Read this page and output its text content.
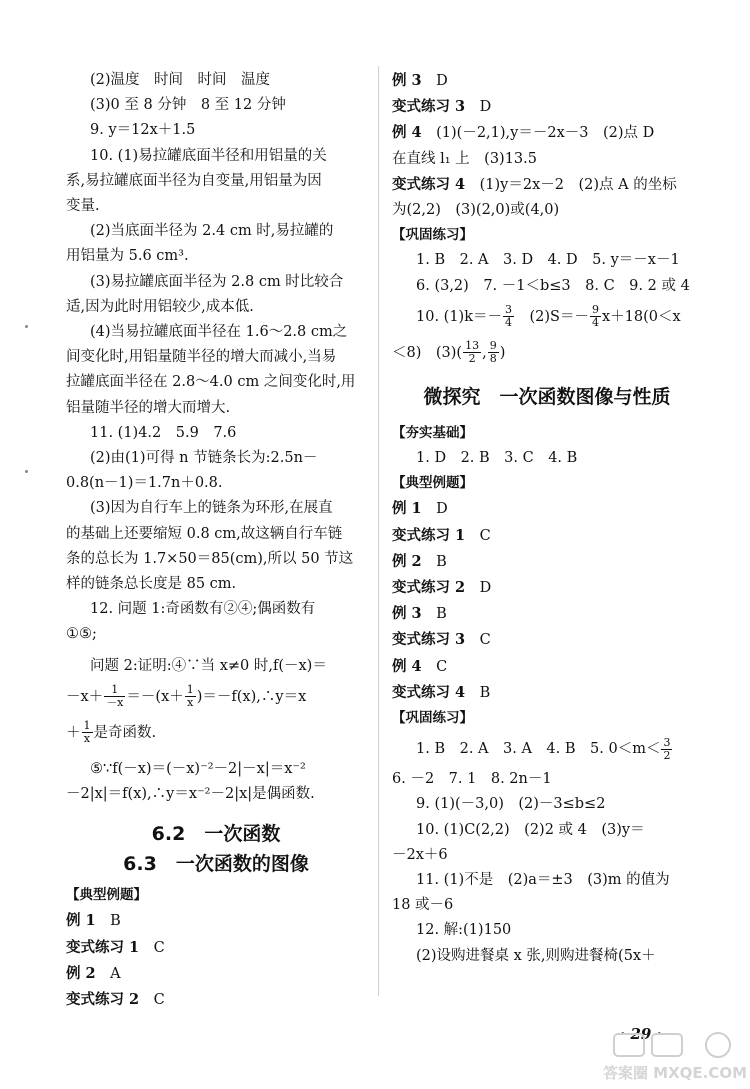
(2)温度　时间　时间　温度
(3)0 至 8 分钟　8 至 12 分钟
9. y＝12x＋1.5
10. (1)易拉罐底面半径和用铝量的关
系,易拉罐底面半径为自变量,用铝量为因
变量.
(2)当底面半径为 2.4 cm 时,易拉罐的
用铝量为 5.6 cm³.
(3)易拉罐底面半径为 2.8 cm 时比较合
适,因为此时用铝较少,成本低.
(4)当易拉罐底面半径在 1.6～2.8 cm之
间变化时,用铝量随半径的增大而减小,当易
拉罐底面半径在 2.8～4.0 cm 之间变化时,用
铝量随半径的增大而增大.
11. (1)4.2　5.9　7.6
(2)由(1)可得 n 节链条长为:2.5n－
0.8(n－1)＝1.7n＋0.8.
(3)因为自行车上的链条为环形,在展直
的基础上还要缩短 0.8 cm,故这辆自行车链
条的总长为 1.7×50＝85(cm),所以 50 节这
样的链条总长度是 85 cm.
12. 问题 1:奇函数有②④;偶函数有
①⑤;
问题 2:证明:④∵当 x≠0 时,f(－x)＝
$-x+ \frac{1}{-x} =-(x+ \frac{1}{x}$ )＝－f(x),∴y＝x
＋ $\frac{1}{x}$ 是奇函数.
⑤∵f(－x)＝(－x)⁻²－2|－x|＝x⁻²
－2|x|＝f(x),∴y＝x⁻²－2|x|是偶函数.
6.2　一次函数
6.3　一次函数的图像
【典型例题】
例 1　 B
变式练习 1　 C
例 2　 A
变式练习 2　 C
例 3　 D
变式练习 3　 D
例 4　 (1)(－2,1),y＝－2x－3　(2)点 D
在直线 l₁ 上　(3)13.5
变式练习 4　 (1)y＝2x－2　(2)点 A 的坐标
为(2,2)　(3)(2,0)或(4,0)
【巩固练习】
1. B　2. A　3. D　4. D　5. y＝－x－1
6. (3,2)　7. －1＜b≤3　8. C　9. 2 或 4
10. $(1)k=- \frac{3}{4}$
　 $(2)S=- \frac{9}{4} x+18(0<x$
＜8)　$(3)( \frac{13}{2}$ , $\frac{9}{8}$ )
微探究　一次函数图像与性质
【夯实基础】
1. D　2. B　3. C　4. B
【典型例题】
例 1　 D
变式练习 1　 C
例 2　 B
变式练习 2　 D
例 3　 B
变式练习 3　 C
例 4　 C
变式练习 4　 B
【巩固练习】
1. B　2. A　3. A　4. B　5. $0<m< \frac{3}{2}$
6. －2　7. 1　8. 2n－1
9. (1)(－3,0)　(2)－3≤b≤2
10. (1)C(2,2)　(2)2 或 4　(3)y＝
－2x＋6
11. (1)不是　(2)a＝±3　(3)m 的值为
18 或－6
12. 解:(1)150
(2)设购进餐桌 x 张,则购进餐椅(5x＋
· 29 ·
答案圈 MXQE.COM
